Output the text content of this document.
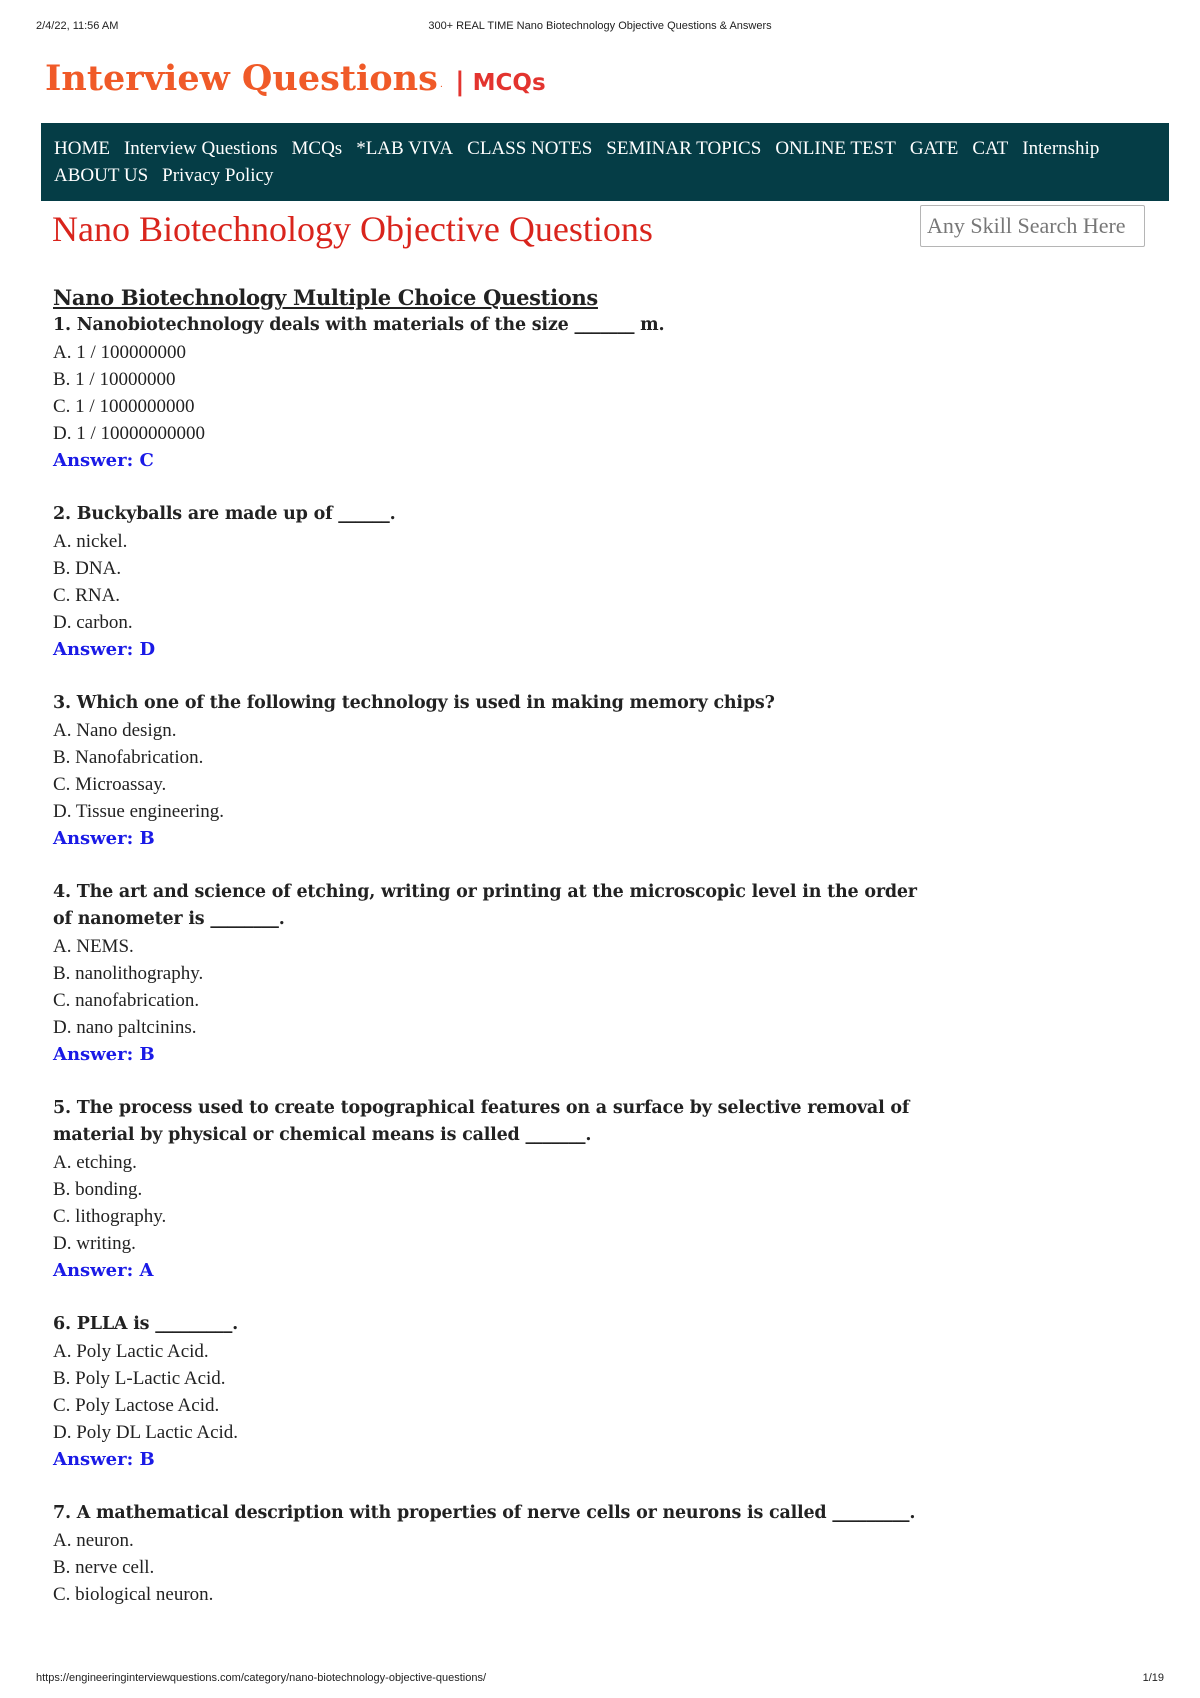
2/4/22, 11:56 AM	300+ REAL TIME Nano Biotechnology Objective Questions & Answers
Interview Questions · | MCQs
HOME Interview Questions MCQs *LAB VIVA CLASS NOTES SEMINAR TOPICS ONLINE TEST GATE CAT Internship
ABOUT US Privacy Policy
Nano Biotechnology Objective Questions	Any Skill Search Here
Nano Biotechnology Multiple Choice Questions
1. Nanobiotechnology deals with materials of the size _______ m.
A. 1 / 100000000
B. 1 / 10000000
C. 1 / 1000000000
D. 1 / 10000000000
Answer: C
2. Buckyballs are made up of ______.
A. nickel.
B. DNA.
C. RNA.
D. carbon.
Answer: D
3. Which one of the following technology is used in making memory chips?
A. Nano design.
B. Nanofabrication.
C. Microassay.
D. Tissue engineering.
Answer: B
4. The art and science of etching, writing or printing at the microscopic level in the order of nanometer is ________.
A. NEMS.
B. nanolithography.
C. nanofabrication.
D. nano paltcinins.
Answer: B
5. The process used to create topographical features on a surface by selective removal of material by physical or chemical means is called _______.
A. etching.
B. bonding.
C. lithography.
D. writing.
Answer: A
6. PLLA is _________.
A. Poly Lactic Acid.
B. Poly L-Lactic Acid.
C. Poly Lactose Acid.
D. Poly DL Lactic Acid.
Answer: B
7. A mathematical description with properties of nerve cells or neurons is called _________.
A. neuron.
B. nerve cell.
C. biological neuron.
https://engineeringinterviewquestions.com/category/nano-biotechnology-objective-questions/	1/19
